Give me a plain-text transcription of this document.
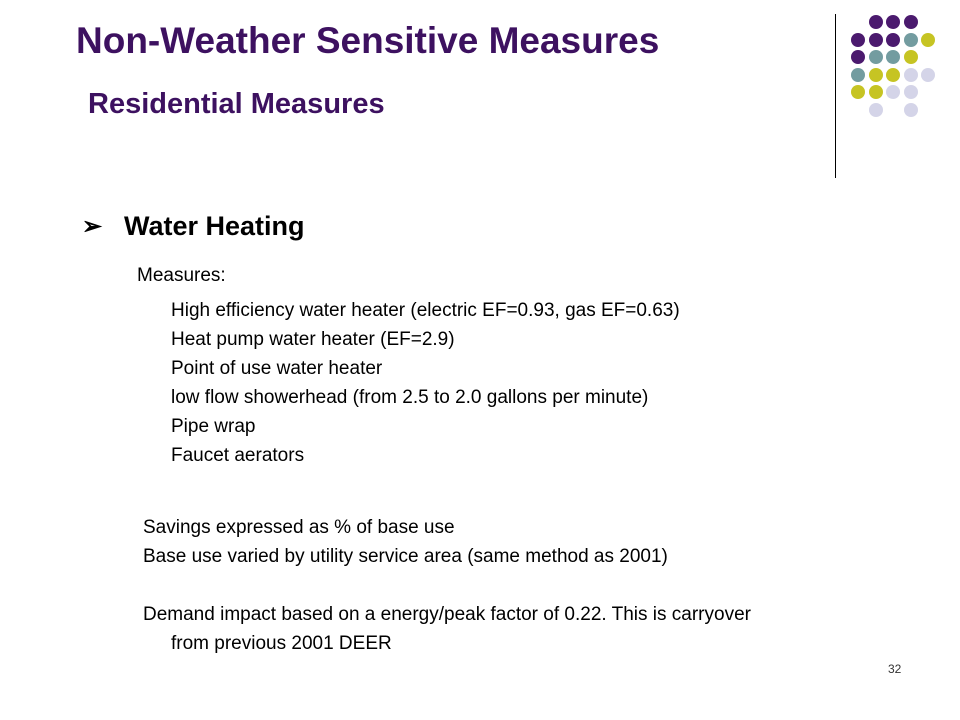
Non-Weather Sensitive Measures
Residential Measures
➢ Water Heating
Measures:
High efficiency water heater (electric EF=0.93, gas EF=0.63)
Heat pump water heater (EF=2.9)
Point of use water heater
low flow showerhead (from 2.5 to 2.0 gallons per minute)
Pipe wrap
Faucet aerators

Savings expressed as % of base use

Base use varied by utility service area (same method as 2001)

Demand impact based on a energy/peak factor of 0.22. This is carryover

from previous 2001 DEER

32
